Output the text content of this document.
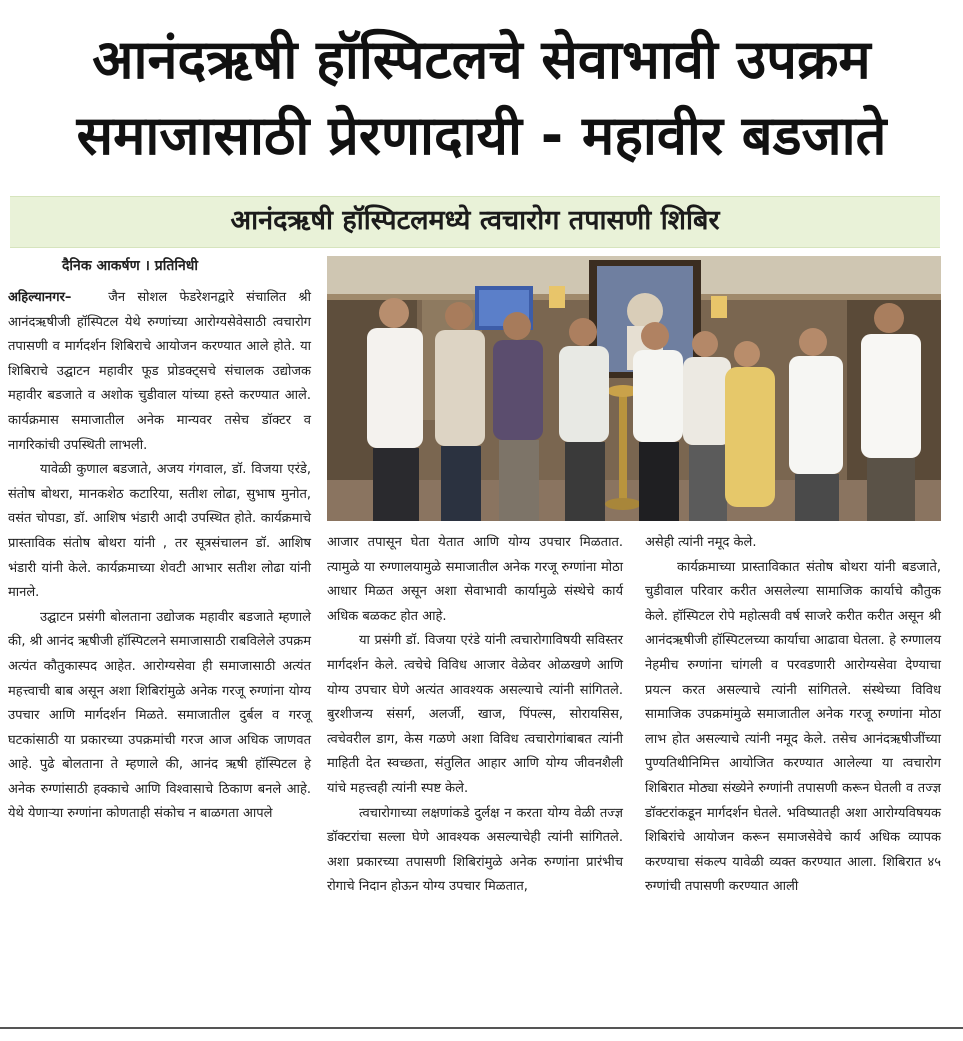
आनंदऋषी हॉस्पिटलचे सेवाभावी उपक्रम
समाजासाठी प्रेरणादायी - महावीर बडजाते
आनंदऋषी हॉस्पिटलमध्ये त्वचारोग तपासणी शिबिर
दैनिक आकर्षण । प्रतिनिधी

अहिल्यानगर–	जैन सोशल फेडरेशनद्वारे संचालित श्री आनंदऋषीजी हॉस्पिटल येथे रुग्णांच्या आरोग्यसेवेसाठी त्वचारोग तपासणी व मार्गदर्शन शिबिराचे आयोजन करण्यात आले होते. या शिबिराचे उद्घाटन महावीर फूड प्रोडक्ट्सचे संचालक उद्योजक महावीर बडजाते व अशोक चुडीवाल यांच्या हस्ते करण्यात आले. कार्यक्रमास समाजातील अनेक मान्यवर तसेच डॉक्टर व नागरिकांची उपस्थिती लाभली.

यावेळी कुणाल बडजाते, अजय गंगवाल, डॉ. विजया एरंडे, संतोष बोथरा, मानकशेठ कटारिया, सतीश लोढा, सुभाष मुनोत, वसंत चोपडा, डॉ. आशिष भंडारी आदी उपस्थित होते. कार्यक्रमाचे प्रास्ताविक संतोष बोथरा यांनी , तर सूत्रसंचालन डॉ. आशिष भंडारी यांनी केले. कार्यक्रमाच्या शेवटी आभार सतीश लोढा यांनी मानले.

उद्घाटन प्रसंगी बोलताना उद्योजक महावीर बडजाते म्हणाले की, श्री आनंद ऋषीजी हॉस्पिटलने समाजासाठी राबविलेले उपक्रम अत्यंत कौतुकास्पद आहेत. आरोग्यसेवा ही समाजासाठी अत्यंत महत्त्वाची बाब असून अशा शिबिरांमुळे अनेक गरजू रुग्णांना योग्य उपचार आणि मार्गदर्शन मिळते. समाजातील दुर्बल व गरजू घटकांसाठी या प्रकारच्या उपक्रमांची गरज आज अधिक जाणवत आहे. पुढे बोलताना ते म्हणाले की, आनंद ऋषी हॉस्पिटल हे अनेक रुग्णांसाठी हक्काचे आणि विश्वासाचे ठिकाण बनले आहे. येथे येणाऱ्या रुग्णांना कोणताही संकोच न बाळगता आपले

आजार तपासून घेता येतात आणि योग्य उपचार मिळतात. त्यामुळे या रुग्णालयामुळे समाजातील अनेक गरजू रुग्णांना मोठा आधार मिळत असून अशा सेवाभावी कार्यामुळे संस्थेचे कार्य अधिक बळकट होत आहे.

या प्रसंगी डॉ. विजया एरंडे यांनी त्वचारोगाविषयी सविस्तर मार्गदर्शन केले. त्वचेचे विविध आजार वेळेवर ओळखणे आणि योग्य उपचार घेणे अत्यंत आवश्यक असल्याचे त्यांनी सांगितले. बुरशीजन्य संसर्ग, अलर्जी, खाज, पिंपल्स, सोरायसिस, त्वचेवरील डाग, केस गळणे अशा विविध त्वचारोगांबाबत त्यांनी माहिती देत स्वच्छता, संतुलित आहार आणि योग्य जीवनशैली यांचे महत्त्वही त्यांनी स्पष्ट केले.

त्वचारोगाच्या लक्षणांकडे दुर्लक्ष न करता योग्य वेळी तज्ज्ञ डॉक्टरांचा सल्ला घेणे आवश्यक असल्याचेही त्यांनी सांगितले. अशा प्रकारच्या तपासणी शिबिरांमुळे अनेक रुग्णांना प्रारंभीच रोगाचे निदान होऊन योग्य उपचार मिळतात,

असेही त्यांनी नमूद केले.

कार्यक्रमाच्या प्रास्ताविकात संतोष बोथरा यांनी बडजाते, चुडीवाल परिवार करीत असलेल्या सामाजिक कार्याचे कौतुक केले. हॉस्पिटल रोपे महोत्सवी वर्ष साजरे करीत करीत असून श्री आनंदऋषीजी हॉस्पिटलच्या कार्याचा आढावा घेतला. हे रुग्णालय नेहमीच रुग्णांना चांगली व परवडणारी आरोग्यसेवा देण्याचा प्रयत्न करत असल्याचे त्यांनी सांगितले. संस्थेच्या विविध सामाजिक उपक्रमांमुळे समाजातील अनेक गरजू रुग्णांना मोठा लाभ होत असल्याचे त्यांनी नमूद केले. तसेच आनंदऋषीजींच्या पुण्यतिथीनिमित्त आयोजित करण्यात आलेल्या या त्वचारोग शिबिरात मोठ्या संख्येने रुग्णांनी तपासणी करून घेतली व तज्ज्ञ डॉक्टरांकडून मार्गदर्शन घेतले. भविष्यातही अशा आरोग्यविषयक शिबिरांचे आयोजन करून समाजसेवेचे कार्य अधिक व्यापक करण्याचा संकल्प यावेळी व्यक्त करण्यात आला. शिबिरात ४५ रुग्णांची तपासणी करण्यात आली
